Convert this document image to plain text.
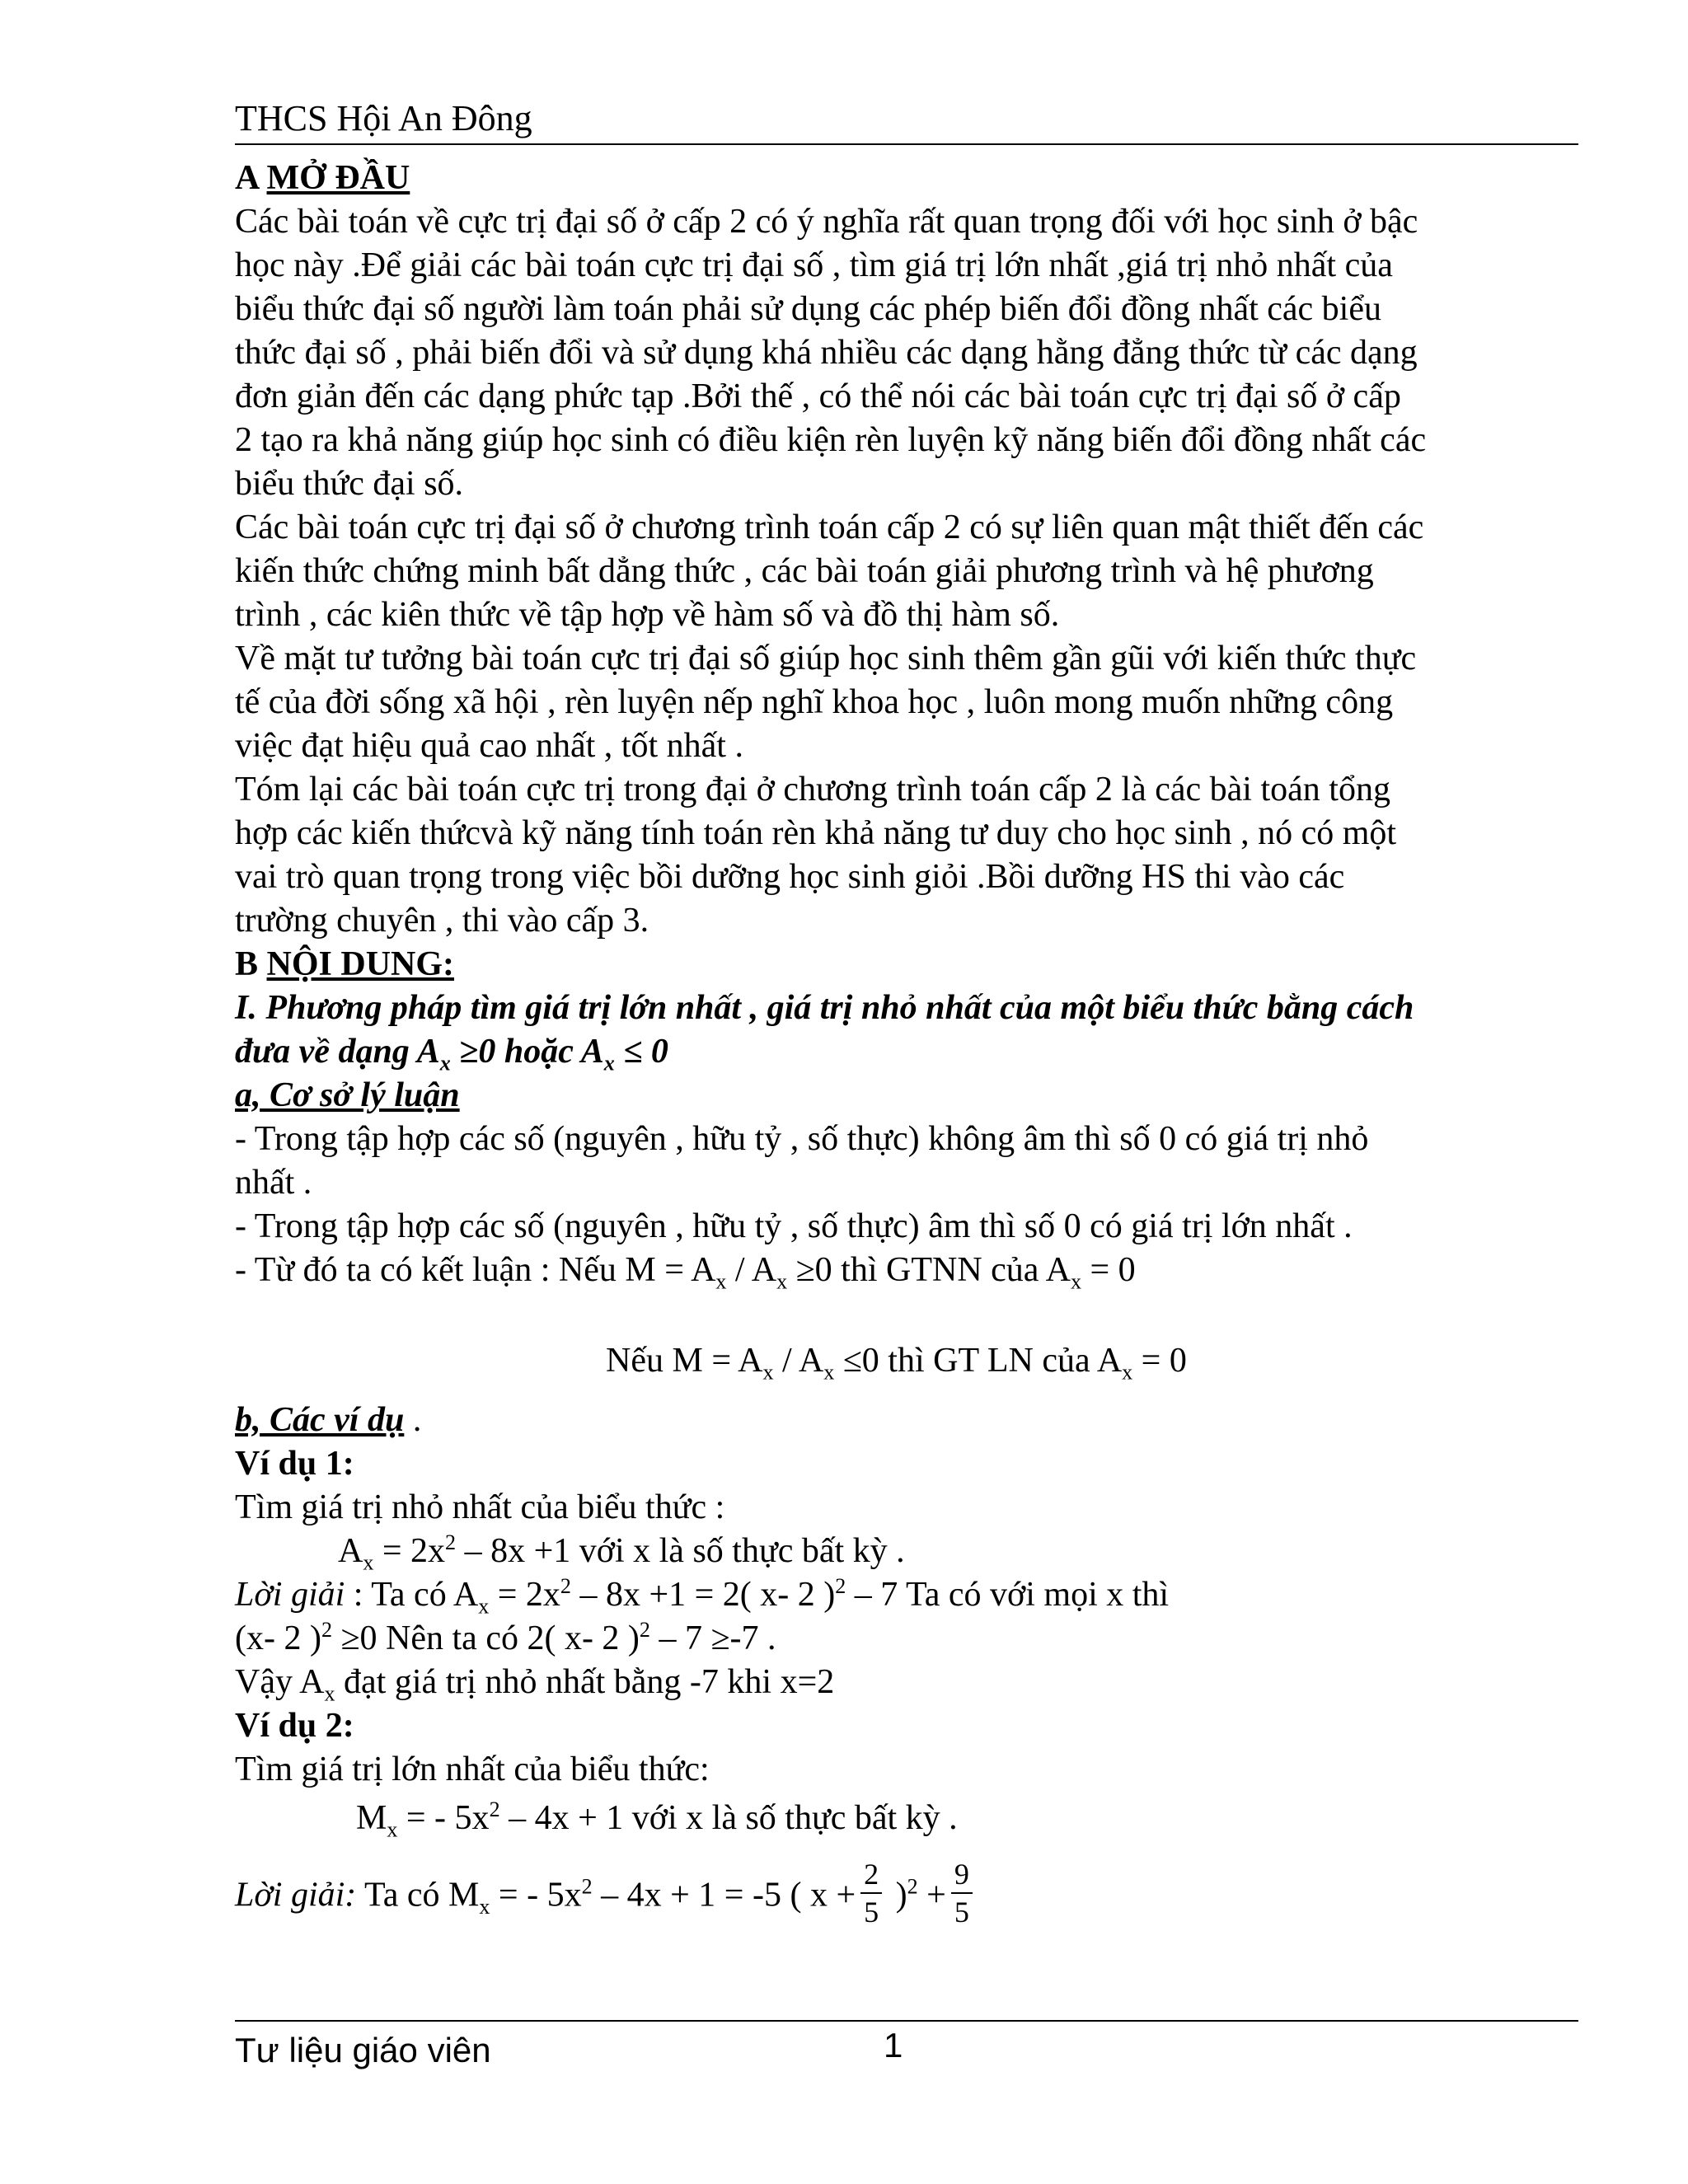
THCS Hội An Đông
A MỞ ĐẦU
Các bài toán về cực trị đại số ở cấp 2 có ý nghĩa rất quan trọng đối với học sinh ở bậc
học này .Để giải các bài toán cực trị đại số , tìm giá trị lớn nhất ,giá trị nhỏ nhất của
biểu thức đại số người làm toán phải sử dụng các phép biến đổi đồng nhất các biểu
thức đại số , phải biến đổi và sử dụng khá nhiều các dạng hằng đẳng thức từ các dạng
đơn giản đến các dạng phức tạp .Bởi thế , có thể nói các bài toán cực trị đại số ở cấp
2 tạo ra khả năng giúp học sinh có điều kiện rèn luyện kỹ năng biến đổi đồng nhất các
biểu thức đại số.
Các bài toán cực trị đại số ở chương trình toán cấp 2 có sự liên quan mật thiết đến các
kiến thức chứng minh bất dẳng thức , các bài toán giải phương trình và hệ phương
trình , các kiên thức về tập hợp về hàm số và đồ thị hàm số.
Về mặt tư tưởng bài toán cực trị đại số giúp học sinh thêm gần gũi với kiến thức thực
tế của đời sống xã hội , rèn luyện nếp nghĩ khoa học , luôn mong muốn những công
việc đạt hiệu quả cao nhất , tốt nhất .
Tóm lại các bài toán cực trị trong đại ở chương trình toán cấp 2 là các bài toán tổng
hợp các kiến thứcvà kỹ năng tính toán rèn khả năng tư duy cho học sinh , nó có một
vai trò quan trọng trong việc bồi dưỡng học sinh giỏi .Bồi dưỡng HS thi vào các
trường chuyên , thi vào cấp 3.
B NỘI DUNG:
I. Phương pháp tìm giá trị lớn nhất , giá trị nhỏ nhất của một biểu thức bằng cách
đưa về dạng $A_x \ge 0$ hoặc $A_x \le 0$
a, Cơ sở lý luận
- Trong tập hợp các số (nguyên , hữu tỷ , số thực) không âm thì số 0 có giá trị nhỏ
nhất .
- Trong tập hợp các số (nguyên , hữu tỷ , số thực) âm thì số 0 có giá trị lớn nhất .
- Từ đó ta có kết luận : Nếu $M = A_x / A_x \ge 0$ thì GTNN của $A_x = 0$
Nếu $M = A_x / A_x \le 0$ thì GT LN của $A_x = 0$
b, Các ví dụ .
Ví dụ 1:
Tìm giá trị nhỏ nhất của biểu thức :
$A_x = 2x^2 - 8x +1$ với x là số thực bất kỳ .
Lời giải : Ta có $A_x = 2x^2 - 8x +1 = 2$( x- 2 )$^2$ – 7 Ta có với mọi x thì
(x- 2 )$^2$ ≥0 Nên ta có 2( x- 2 )$^2$ – 7 ≥-7 .
Vậy $A_x$ đạt giá trị nhỏ nhất bằng -7 khi x=2
Ví dụ 2:
Tìm giá trị lớn nhất của biểu thức:
$M_x$ = - $5x^2 - 4x + 1$ với x là số thực bất kỳ .
Lời giải: Ta có $M_x$ = - $5x^2 - 4x + 1 = -5$ ( $x + \frac{2}{5} )^2 + \frac{9}{5}$
Tư liệu giáo viên	1
